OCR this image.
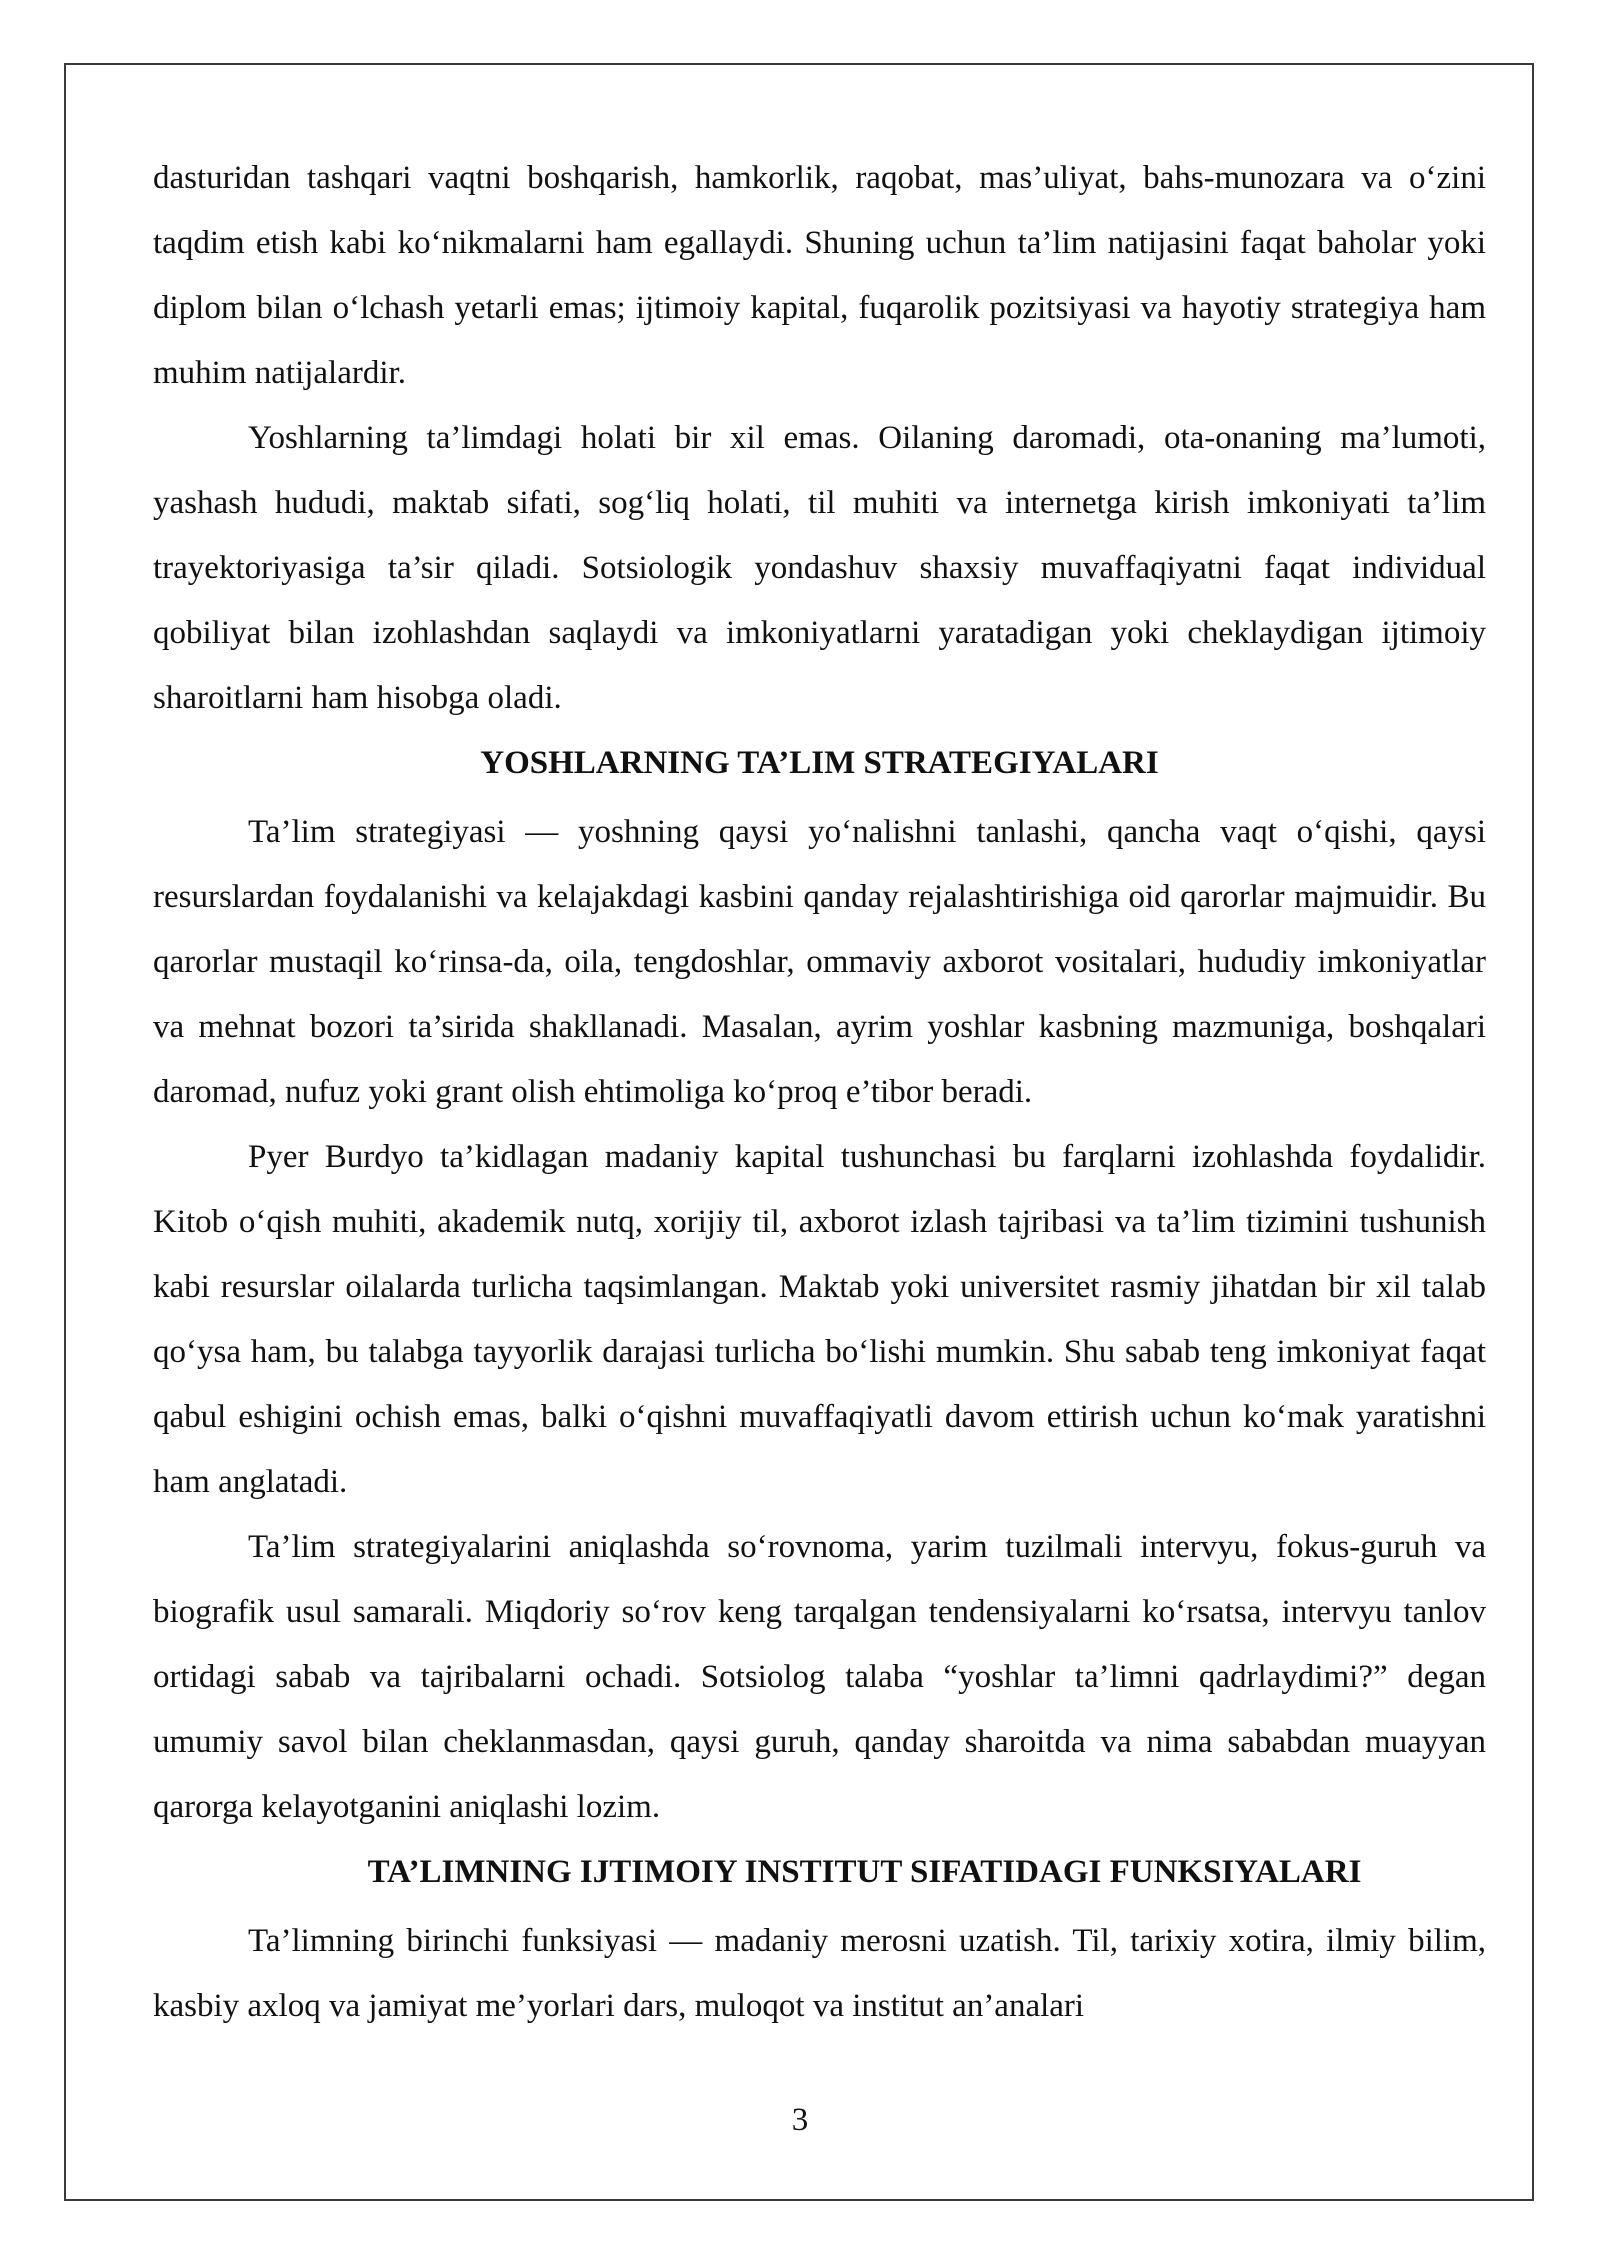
dasturidan tashqari vaqtni boshqarish, hamkorlik, raqobat, mas’uliyat, bahs-munozara va o‘zini taqdim etish kabi ko‘nikmalarni ham egallaydi. Shuning uchun ta’lim natijasini faqat baholar yoki diplom bilan o‘lchash yetarli emas; ijtimoiy kapital, fuqarolik pozitsiyasi va hayotiy strategiya ham muhim natijalardir.

Yoshlarning ta’limdagi holati bir xil emas. Oilaning daromadi, ota-onaning ma’lumoti, yashash hududi, maktab sifati, sog‘liq holati, til muhiti va internetga kirish imkoniyati ta’lim trayektoriyasiga ta’sir qiladi. Sotsiologik yondashuv shaxsiy muvaffaqiyatni faqat individual qobiliyat bilan izohlashdan saqlaydi va imkoniyatlarni yaratadigan yoki cheklaydigan ijtimoiy sharoitlarni ham hisobga oladi.

YOSHLARNING TA’LIM STRATEGIYALARI

Ta’lim strategiyasi — yoshning qaysi yo‘nalishni tanlashi, qancha vaqt o‘qishi, qaysi resurslardan foydalanishi va kelajakdagi kasbini qanday rejalashtirishiga oid qarorlar majmuidir. Bu qarorlar mustaqil ko‘rinsa-da, oila, tengdoshlar, ommaviy axborot vositalari, hududiy imkoniyatlar va mehnat bozori ta’sirida shakllanadi. Masalan, ayrim yoshlar kasbning mazmuniga, boshqalari daromad, nufuz yoki grant olish ehtimoliga ko‘proq e’tibor beradi.

Pyer Burdyo ta’kidlagan madaniy kapital tushunchasi bu farqlarni izohlashda foydalidir. Kitob o‘qish muhiti, akademik nutq, xorijiy til, axborot izlash tajribasi va ta’lim tizimini tushunish kabi resurslar oilalarda turlicha taqsimlangan. Maktab yoki universitet rasmiy jihatdan bir xil talab qo‘ysa ham, bu talabga tayyorlik darajasi turlicha bo‘lishi mumkin. Shu sabab teng imkoniyat faqat qabul eshigini ochish emas, balki o‘qishni muvaffaqiyatli davom ettirish uchun ko‘mak yaratishni ham anglatadi.

Ta’lim strategiyalarini aniqlashda so‘rovnoma, yarim tuzilmali intervyu, fokus-guruh va biografik usul samarali. Miqdoriy so‘rov keng tarqalgan tendensiyalarni ko‘rsatsa, intervyu tanlov ortidagi sabab va tajribalarni ochadi. Sotsiolog talaba “yoshlar ta’limni qadrlaydimi?” degan umumiy savol bilan cheklanmasdan, qaysi guruh, qanday sharoitda va nima sababdan muayyan qarorga kelayotganini aniqlashi lozim.

TA’LIMNING IJTIMOIY INSTITUT SIFATIDAGI FUNKSIYALARI

Ta’limning birinchi funksiyasi — madaniy merosni uzatish. Til, tarixiy xotira, ilmiy bilim, kasbiy axloq va jamiyat me’yorlari dars, muloqot va institut an’analari

3
